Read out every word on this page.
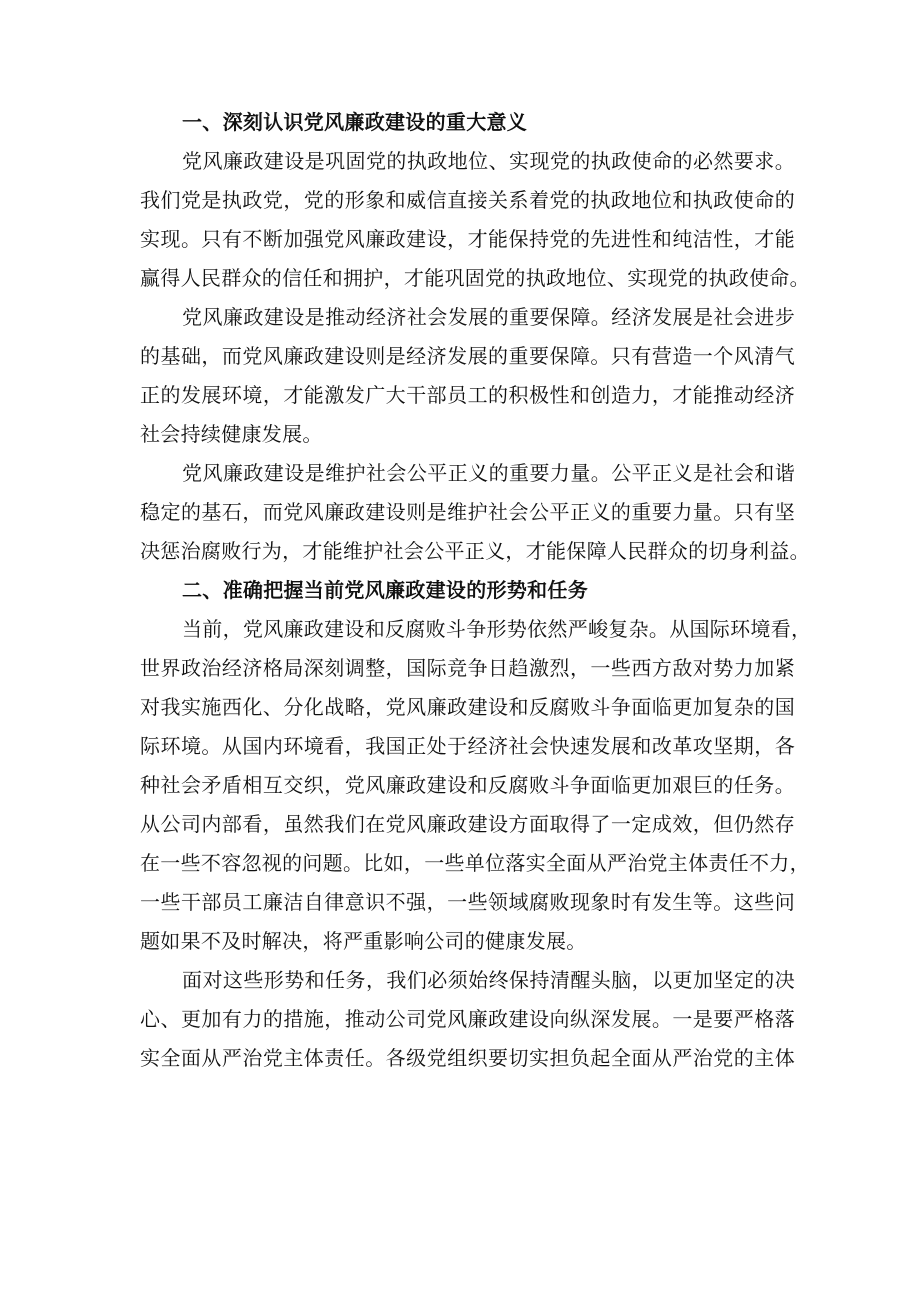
一、深刻认识党风廉政建设的重大意义

党风廉政建设是巩固党的执政地位、实现党的执政使命的必然要求。
我们党是执政党，党的形象和威信直接关系着党的执政地位和执政使命的
实现。只有不断加强党风廉政建设，才能保持党的先进性和纯洁性，才能
赢得人民群众的信任和拥护，才能巩固党的执政地位、实现党的执政使命。

党风廉政建设是推动经济社会发展的重要保障。经济发展是社会进步
的基础，而党风廉政建设则是经济发展的重要保障。只有营造一个风清气
正的发展环境，才能激发广大干部员工的积极性和创造力，才能推动经济
社会持续健康发展。

党风廉政建设是维护社会公平正义的重要力量。公平正义是社会和谐
稳定的基石，而党风廉政建设则是维护社会公平正义的重要力量。只有坚
决惩治腐败行为，才能维护社会公平正义，才能保障人民群众的切身利益。

二、准确把握当前党风廉政建设的形势和任务

当前，党风廉政建设和反腐败斗争形势依然严峻复杂。从国际环境看，
世界政治经济格局深刻调整，国际竞争日趋激烈，一些西方敌对势力加紧
对我实施西化、分化战略，党风廉政建设和反腐败斗争面临更加复杂的国
际环境。从国内环境看，我国正处于经济社会快速发展和改革攻坚期，各
种社会矛盾相互交织，党风廉政建设和反腐败斗争面临更加艰巨的任务。
从公司内部看，虽然我们在党风廉政建设方面取得了一定成效，但仍然存
在一些不容忽视的问题。比如，一些单位落实全面从严治党主体责任不力，
一些干部员工廉洁自律意识不强，一些领域腐败现象时有发生等。这些问
题如果不及时解决，将严重影响公司的健康发展。

面对这些形势和任务，我们必须始终保持清醒头脑，以更加坚定的决
心、更加有力的措施，推动公司党风廉政建设向纵深发展。一是要严格落
实全面从严治党主体责任。各级党组织要切实担负起全面从严治党的主体
